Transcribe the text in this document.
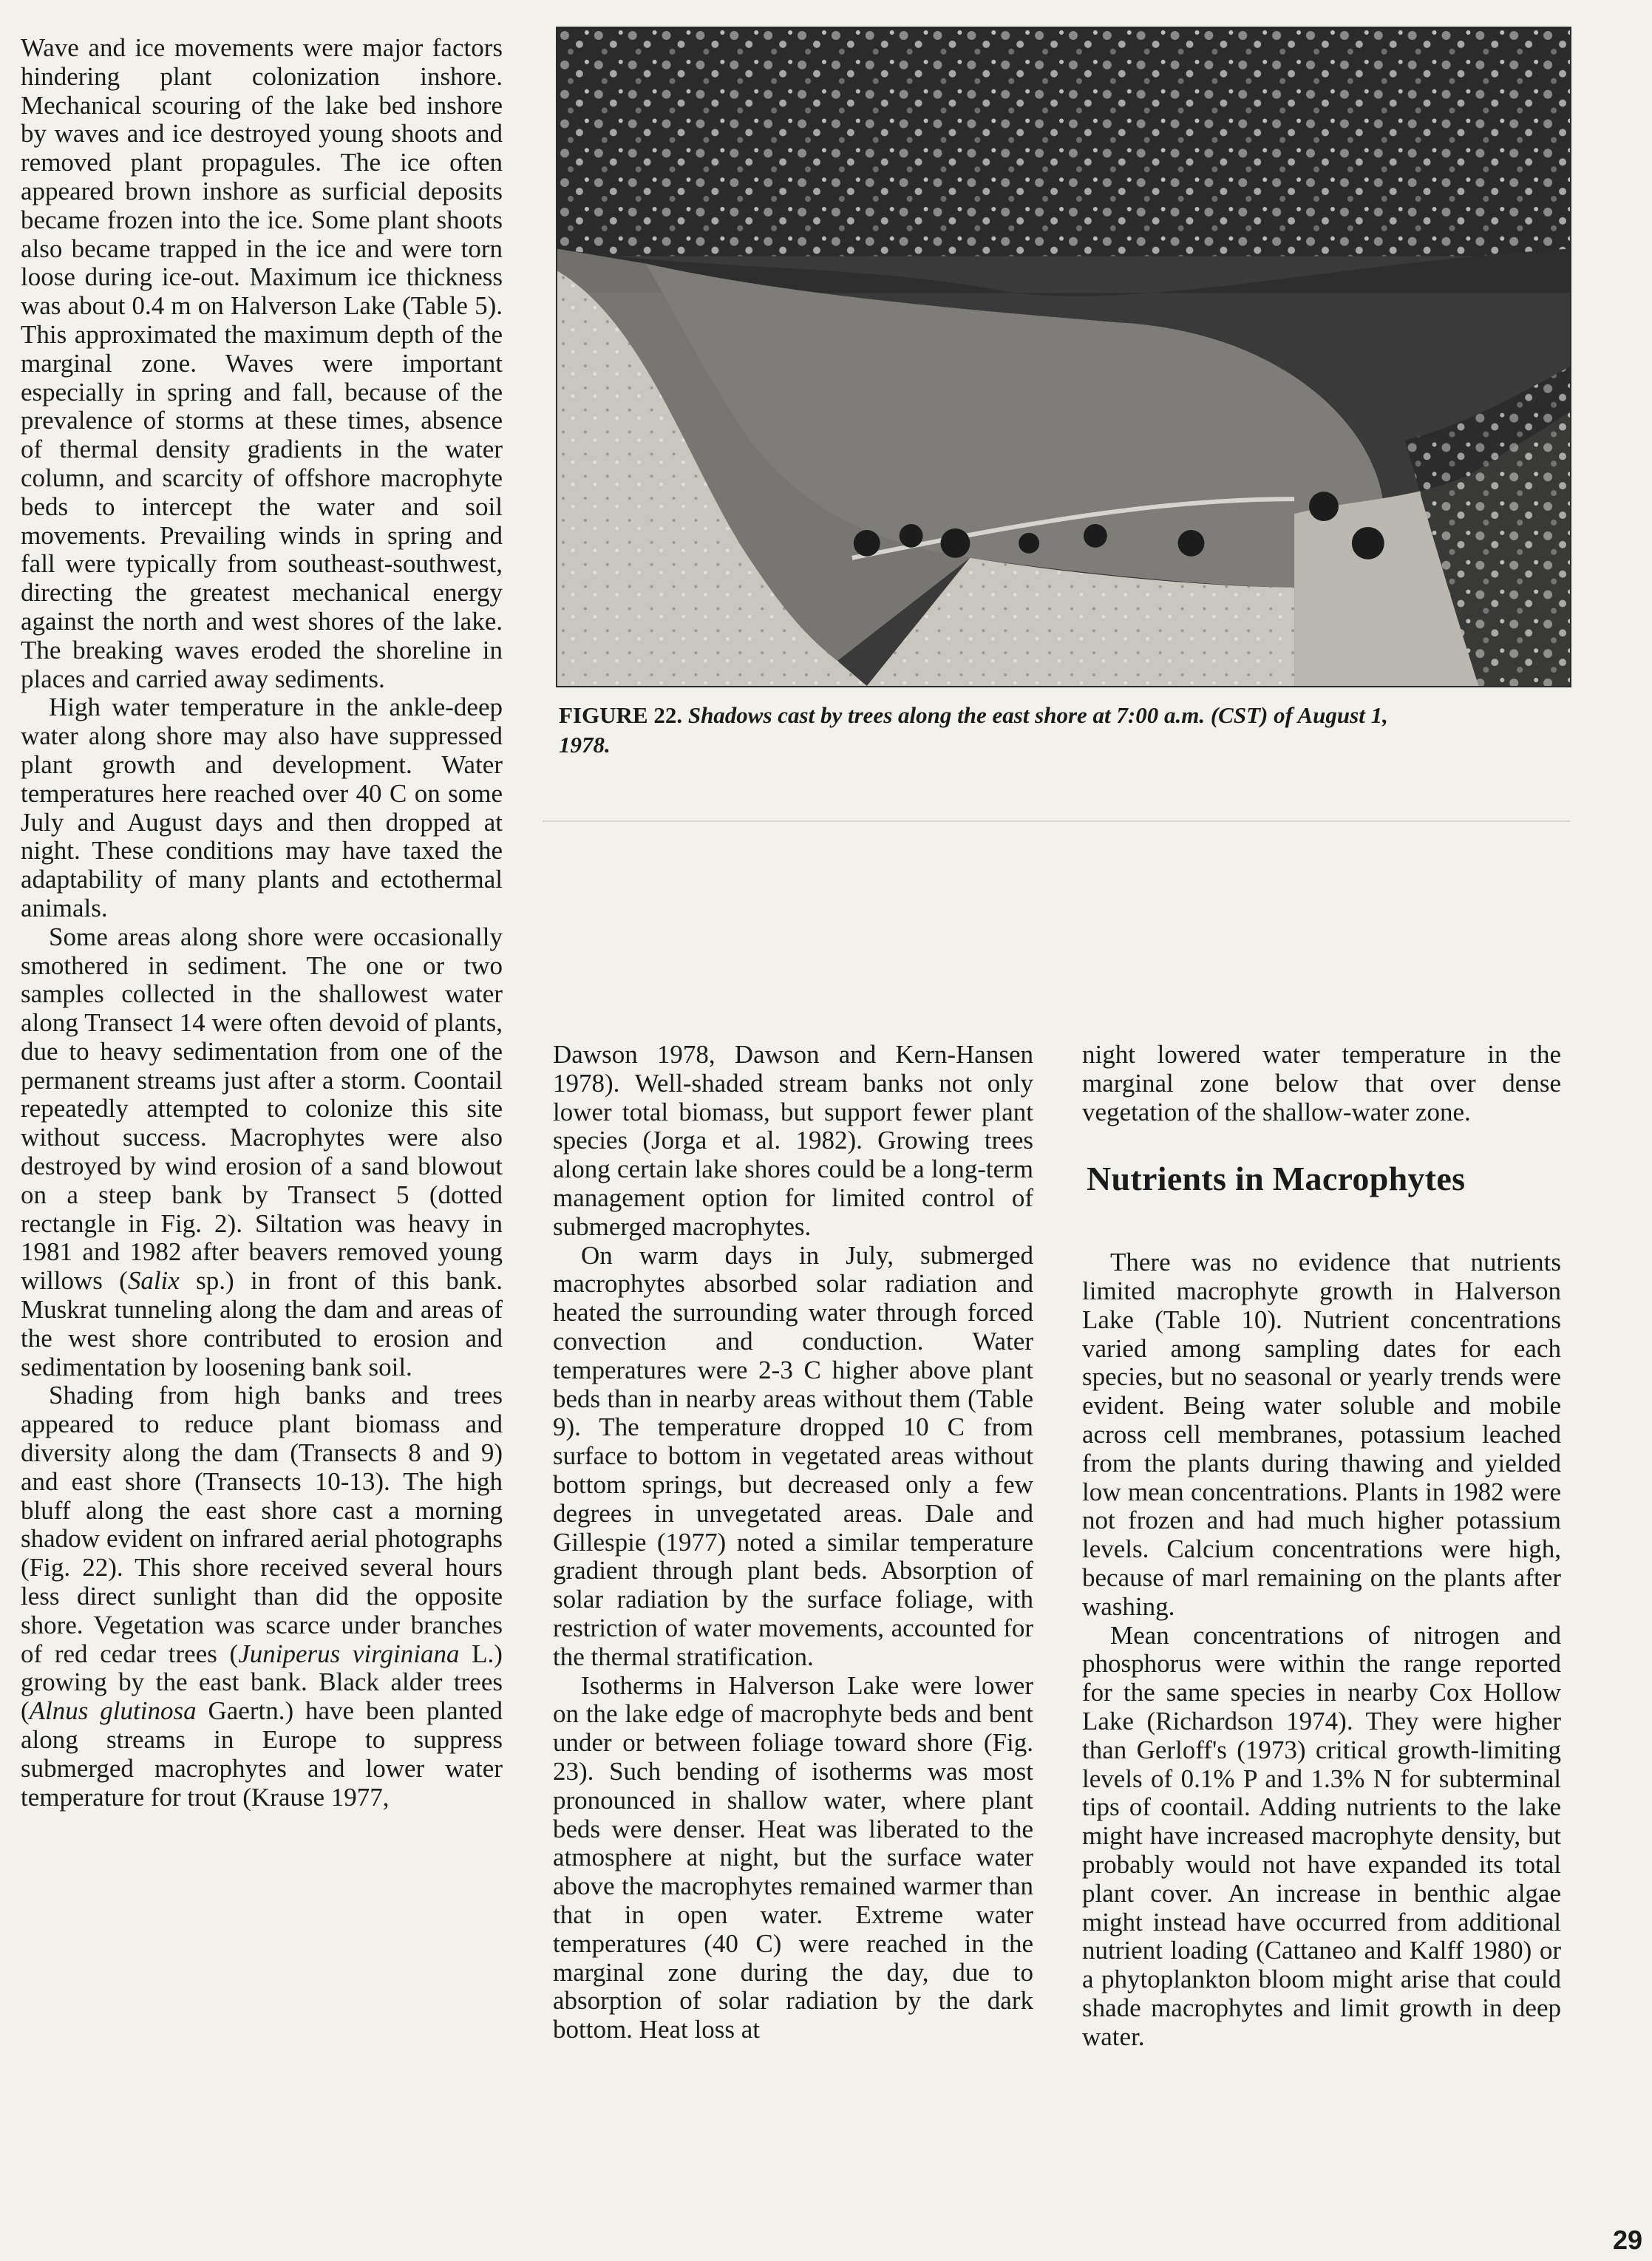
Wave and ice movements were major factors hindering plant colonization inshore. Mechanical scouring of the lake bed inshore by waves and ice destroyed young shoots and removed plant propagules. The ice often appeared brown inshore as surficial deposits became frozen into the ice. Some plant shoots also became trapped in the ice and were torn loose during ice-out. Maximum ice thickness was about 0.4 m on Halverson Lake (Table 5). This approximated the maximum depth of the marginal zone. Waves were important especially in spring and fall, because of the prevalence of storms at these times, absence of thermal density gradients in the water column, and scarcity of offshore macrophyte beds to intercept the water and soil movements. Prevailing winds in spring and fall were typically from southeast-southwest, directing the greatest mechanical energy against the north and west shores of the lake. The breaking waves eroded the shoreline in places and carried away sediments.

High water temperature in the ankle-deep water along shore may also have suppressed plant growth and development. Water temperatures here reached over 40 C on some July and August days and then dropped at night. These conditions may have taxed the adaptability of many plants and ectothermal animals.

Some areas along shore were occasionally smothered in sediment. The one or two samples collected in the shallowest water along Transect 14 were often devoid of plants, due to heavy sedimentation from one of the permanent streams just after a storm. Coontail repeatedly attempted to colonize this site without success. Macrophytes were also destroyed by wind erosion of a sand blowout on a steep bank by Transect 5 (dotted rectangle in Fig. 2). Siltation was heavy in 1981 and 1982 after beavers removed young willows (Salix sp.) in front of this bank. Muskrat tunneling along the dam and areas of the west shore contributed to erosion and sedimentation by loosening bank soil.

Shading from high banks and trees appeared to reduce plant biomass and diversity along the dam (Transects 8 and 9) and east shore (Transects 10-13). The high bluff along the east shore cast a morning shadow evident on infrared aerial photographs (Fig. 22). This shore received several hours less direct sunlight than did the opposite shore. Vegetation was scarce under branches of red cedar trees (Juniperus virginiana L.) growing by the east bank. Black alder trees (Alnus glutinosa Gaertn.) have been planted along streams in Europe to suppress submerged macrophytes and lower water temperature for trout (Krause 1977,

FIGURE 22. Shadows cast by trees along the east shore at 7:00 a.m. (CST) of August 1, 1978.

Dawson 1978, Dawson and Kern-Hansen 1978). Well-shaded stream banks not only lower total biomass, but support fewer plant species (Jorga et al. 1982). Growing trees along certain lake shores could be a long-term management option for limited control of submerged macrophytes.

On warm days in July, submerged macrophytes absorbed solar radiation and heated the surrounding water through forced convection and conduction. Water temperatures were 2-3 C higher above plant beds than in nearby areas without them (Table 9). The temperature dropped 10 C from surface to bottom in vegetated areas without bottom springs, but decreased only a few degrees in unvegetated areas. Dale and Gillespie (1977) noted a similar temperature gradient through plant beds. Absorption of solar radiation by the surface foliage, with restriction of water movements, accounted for the thermal stratification.

Isotherms in Halverson Lake were lower on the lake edge of macrophyte beds and bent under or between foliage toward shore (Fig. 23). Such bending of isotherms was most pronounced in shallow water, where plant beds were denser. Heat was liberated to the atmosphere at night, but the surface water above the macrophytes remained warmer than that in open water. Extreme water temperatures (40 C) were reached in the marginal zone during the day, due to absorption of solar radiation by the dark bottom. Heat loss at

night lowered water temperature in the marginal zone below that over dense vegetation of the shallow-water zone.

Nutrients in Macrophytes

There was no evidence that nutrients limited macrophyte growth in Halverson Lake (Table 10). Nutrient concentrations varied among sampling dates for each species, but no seasonal or yearly trends were evident. Being water soluble and mobile across cell membranes, potassium leached from the plants during thawing and yielded low mean concentrations. Plants in 1982 were not frozen and had much higher potassium levels. Calcium concentrations were high, because of marl remaining on the plants after washing.

Mean concentrations of nitrogen and phosphorus were within the range reported for the same species in nearby Cox Hollow Lake (Richardson 1974). They were higher than Gerloff's (1973) critical growth-limiting levels of 0.1% P and 1.3% N for subterminal tips of coontail. Adding nutrients to the lake might have increased macrophyte density, but probably would not have expanded its total plant cover. An increase in benthic algae might instead have occurred from additional nutrient loading (Cattaneo and Kalff 1980) or a phytoplankton bloom might arise that could shade macrophytes and limit growth in deep water.

29
